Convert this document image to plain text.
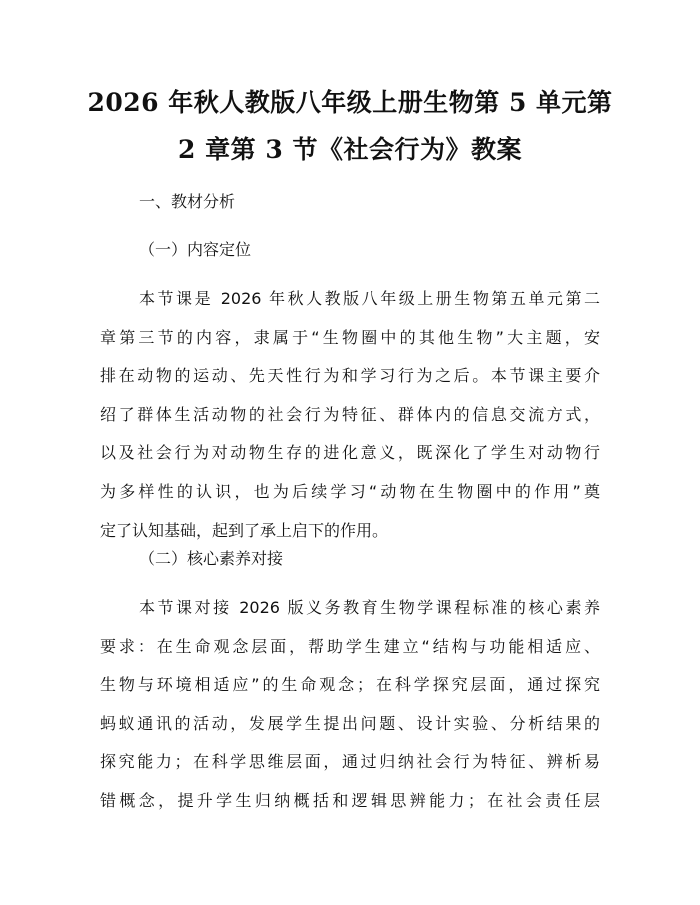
2026 年秋人教版八年级上册生物第 5 单元第
2 章第 3 节《社会行为》教案
一、教材分析
（一）内容定位
本节课是 2026 年秋人教版八年级上册生物第五单元第二
章第三节的内容，隶属于“生物圈中的其他生物”大主题，安
排在动物的运动、先天性行为和学习行为之后。本节课主要介
绍了群体生活动物的社会行为特征、群体内的信息交流方式，
以及社会行为对动物生存的进化意义，既深化了学生对动物行
为多样性的认识，也为后续学习“动物在生物圈中的作用”奠
定了认知基础，起到了承上启下的作用。
（二）核心素养对接
本节课对接 2026 版义务教育生物学课程标准的核心素养
要求：在生命观念层面，帮助学生建立“结构与功能相适应、
生物与环境相适应”的生命观念；在科学探究层面，通过探究
蚂蚁通讯的活动，发展学生提出问题、设计实验、分析结果的
探究能力；在科学思维层面，通过归纳社会行为特征、辨析易
错概念，提升学生归纳概括和逻辑思辨能力；在社会责任层
